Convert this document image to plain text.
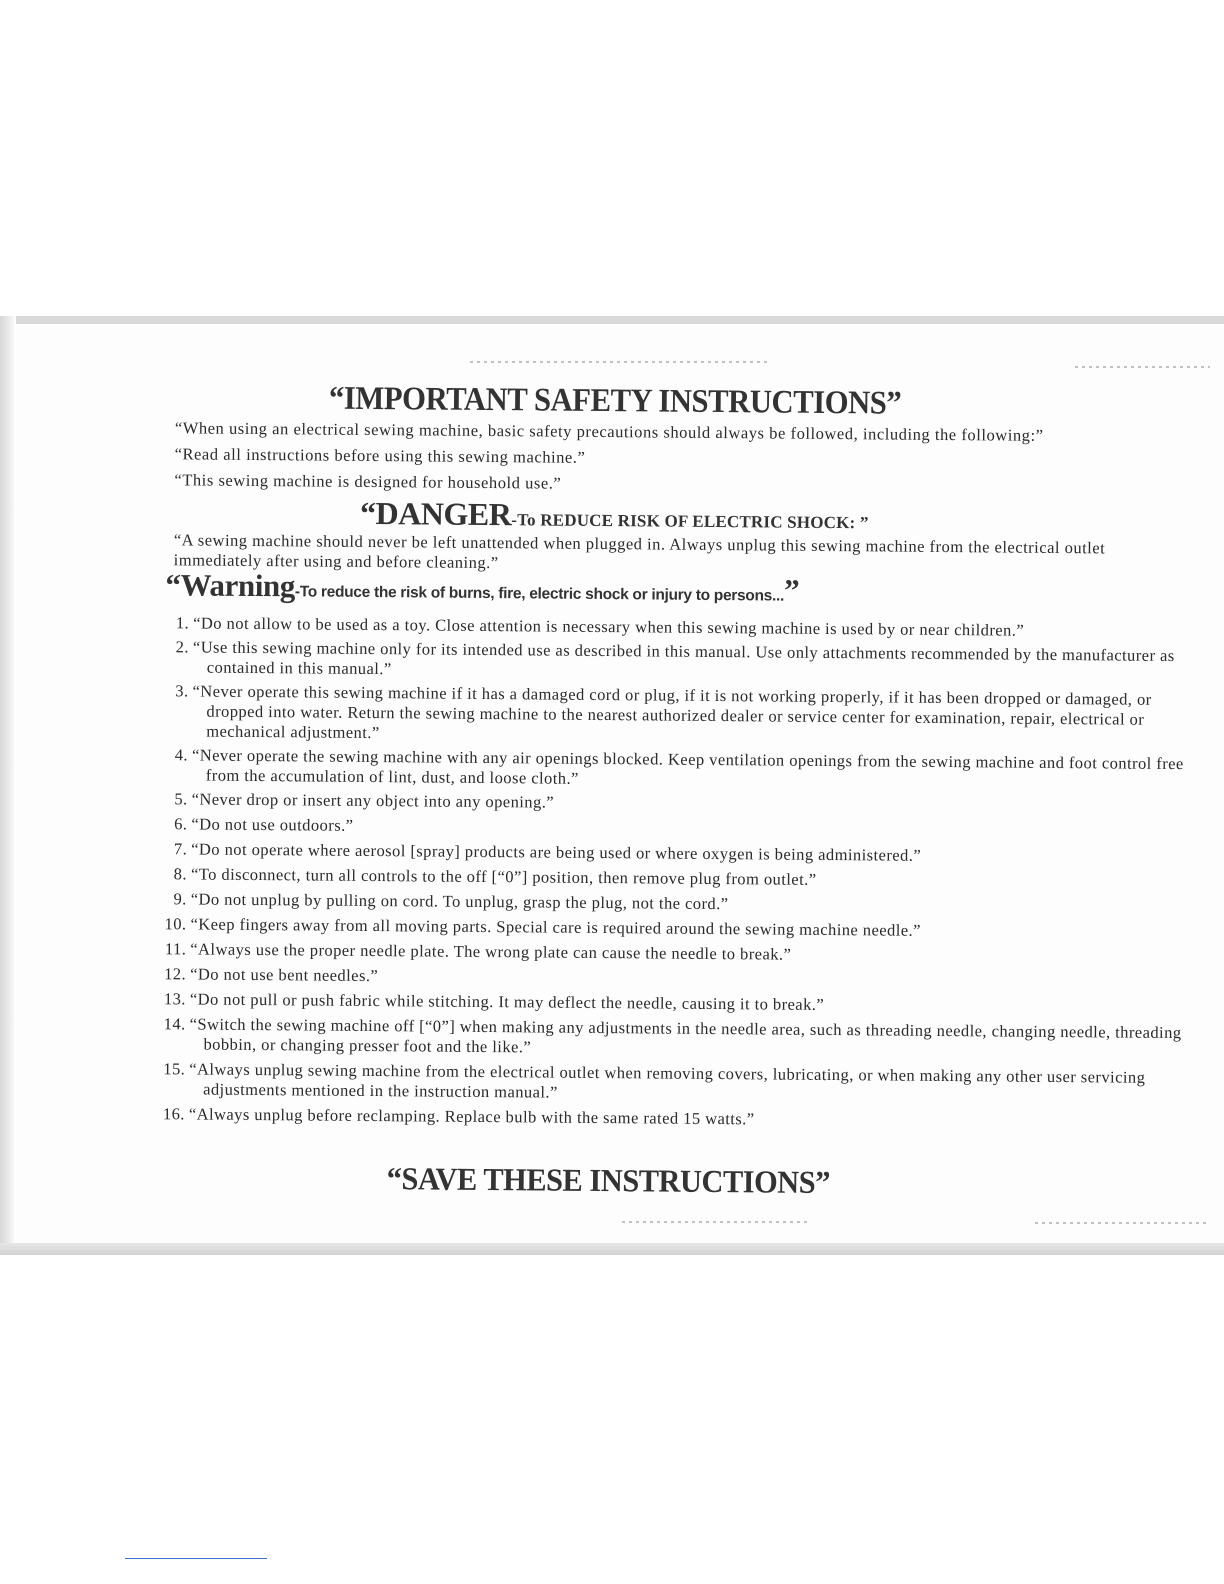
“IMPORTANT SAFETY INSTRUCTIONS”
“When using an electrical sewing machine, basic safety precautions should always be followed, including the following:”
“Read all instructions before using this sewing machine.”
“This sewing machine is designed for household use.”
“DANGER-To REDUCE RISK OF ELECTRIC SHOCK: ”
“A sewing machine should never be left unattended when plugged in. Always unplug this sewing machine from the electrical outlet immediately after using and before cleaning.”
“Warning-To reduce the risk of burns, fire, electric shock or injury to persons...”
1. “Do not allow to be used as a toy. Close attention is necessary when this sewing machine is used by or near children.”
2. “Use this sewing machine only for its intended use as described in this manual. Use only attachments recommended by the manufacturer as contained in this manual.”
3. “Never operate this sewing machine if it has a damaged cord or plug, if it is not working properly, if it has been dropped or damaged, or dropped into water. Return the sewing machine to the nearest authorized dealer or service center for examination, repair, electrical or mechanical adjustment.”
4. “Never operate the sewing machine with any air openings blocked. Keep ventilation openings from the sewing machine and foot control free from the accumulation of lint, dust, and loose cloth.”
5. “Never drop or insert any object into any opening.”
6. “Do not use outdoors.”
7. “Do not operate where aerosol [spray] products are being used or where oxygen is being administered.”
8. “To disconnect, turn all controls to the off [“0”] position, then remove plug from outlet.”
9. “Do not unplug by pulling on cord. To unplug, grasp the plug, not the cord.”
10. “Keep fingers away from all moving parts. Special care is required around the sewing machine needle.”
11. “Always use the proper needle plate. The wrong plate can cause the needle to break.”
12. “Do not use bent needles.”
13. “Do not pull or push fabric while stitching. It may deflect the needle, causing it to break.”
14. “Switch the sewing machine off [“0”] when making any adjustments in the needle area, such as threading needle, changing needle, threading bobbin, or changing presser foot and the like.”
15. “Always unplug sewing machine from the electrical outlet when removing covers, lubricating, or when making any other user servicing adjustments mentioned in the instruction manual.”
16. “Always unplug before reclamping. Replace bulb with the same rated 15 watts.”
“SAVE THESE INSTRUCTIONS”
